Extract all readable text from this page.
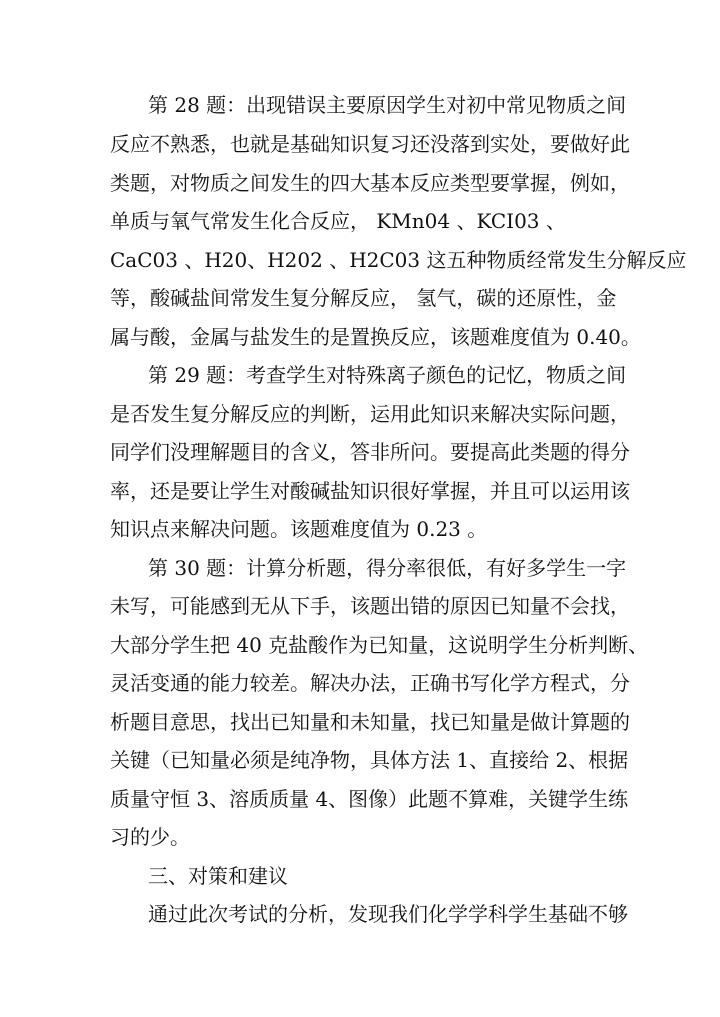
第 28 题：出现错误主要原因学生对初中常见物质之间
反应不熟悉，也就是基础知识复习还没落到实处，要做好此
类题，对物质之间发生的四大基本反应类型要掌握，例如，
单质与氧气常发生化合反应， KMn04 、KCI03 、
CaC03 、H20、H202 、H2C03 这五种物质经常发生分解反应
等，酸碱盐间常发生复分解反应， 氢气，碳的还原性，金
属与酸，金属与盐发生的是置换反应，该题难度值为 0.40。
第 29 题：考查学生对特殊离子颜色的记忆，物质之间
是否发生复分解反应的判断，运用此知识来解决实际问题，
同学们没理解题目的含义，答非所问。要提高此类题的得分
率，还是要让学生对酸碱盐知识很好掌握，并且可以运用该
知识点来解决问题。该题难度值为 0.23 。
第 30 题：计算分析题，得分率很低，有好多学生一字
未写，可能感到无从下手，该题出错的原因已知量不会找，
大部分学生把 40 克盐酸作为已知量，这说明学生分析判断、
灵活变通的能力较差。解决办法，正确书写化学方程式，分
析题目意思，找出已知量和未知量，找已知量是做计算题的
关键（已知量必须是纯净物，具体方法 1、直接给 2、根据
质量守恒 3、溶质质量 4、图像）此题不算难，关键学生练
习的少。
三、对策和建议
通过此次考试的分析，发现我们化学学科学生基础不够
